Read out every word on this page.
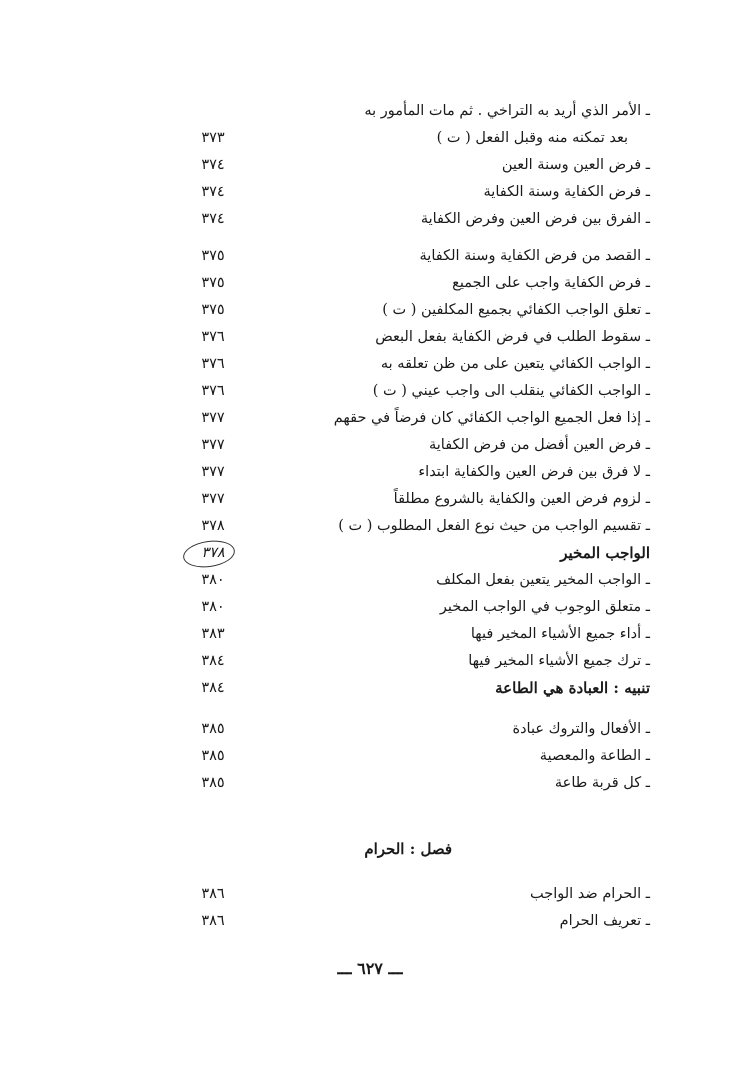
ـ الأمر الذي أريد به التراخي . ثم مات المأمور به
بعد تمكنه منه وقبل الفعل ( ت )
٣٧٣
ـ فرض العين وسنة العين
٣٧٤
ـ فرض الكفاية وسنة الكفاية
٣٧٤
ـ الفرق بين فرض العين وفرض الكفاية
٣٧٤
ـ القصد من فرض الكفاية وسنة الكفاية
٣٧٥
ـ فرض الكفاية واجب على الجميع
٣٧٥
ـ تعلق الواجب الكفائي بجميع المكلفين ( ت )
٣٧٥
ـ سقوط الطلب في فرض الكفاية بفعل البعض
٣٧٦
ـ الواجب الكفائي يتعين على من ظن تعلقه به
٣٧٦
ـ الواجب الكفائي ينقلب الى واجب عيني ( ت )
٣٧٦
ـ إذا فعل الجميع الواجب الكفائي كان فرضاً في حقهم
٣٧٧
ـ فرض العين أفضل من فرض الكفاية
٣٧٧
ـ لا فرق بين فرض العين والكفاية ابتداء
٣٧٧
ـ لزوم فرض العين والكفاية بالشروع مطلقاً
٣٧٧
ـ تقسيم الواجب من حيث نوع الفعل المطلوب ( ت )
٣٧٨
الواجب المخير
٣٧٨
ـ الواجب المخير يتعين بفعل المكلف
٣٨٠
ـ متعلق الوجوب في الواجب المخير
٣٨٠
ـ أداء جميع الأشياء المخير فيها
٣٨٣
ـ ترك جميع الأشياء المخير فيها
٣٨٤
تنبيه : العبادة هي الطاعة
٣٨٤
ـ الأفعال والتروك عبادة
٣٨٥
ـ الطاعة والمعصية
٣٨٥
ـ كل قربة طاعة
٣٨٥
فصل : الحرام
ـ الحرام ضد الواجب
٣٨٦
ـ تعريف الحرام
٣٨٦
ـــ ٦٢٧ ـــ
